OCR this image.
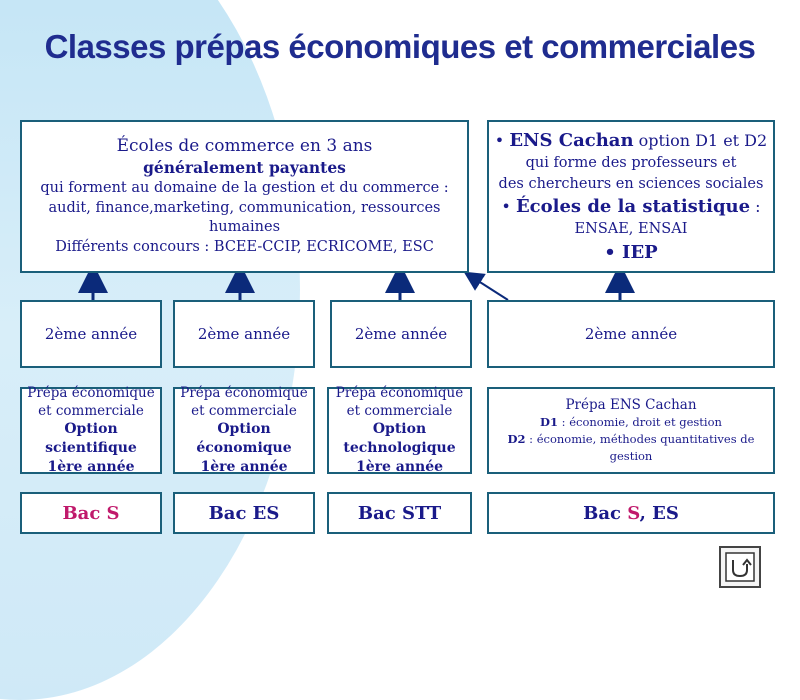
Classes prépas économiques et commerciales
Écoles de commerce en 3 ans
généralement payantes
qui forment au domaine de la gestion et du commerce :
audit, finance,marketing, communication, ressources humaines
Différents concours : BCEE-CCIP, ECRICOME, ESC
• ENS Cachan option D1 et D2
qui forme des professeurs et
des chercheurs en sciences sociales
• Écoles de la statistique :
ENSAE, ENSAI
• IEP
2ème année	2ème année	2ème année	2ème année
Prépa économique
et commerciale
Option scientifique
1ère année
Prépa économique
et commerciale
Option économique
1ère année
Prépa économique
et commerciale
Option technologique
1ère année
Prépa ENS Cachan
D1 : économie, droit et gestion
D2 : économie, méthodes quantitatives de gestion
Bac S	Bac ES	Bac STT	Bac S, ES
